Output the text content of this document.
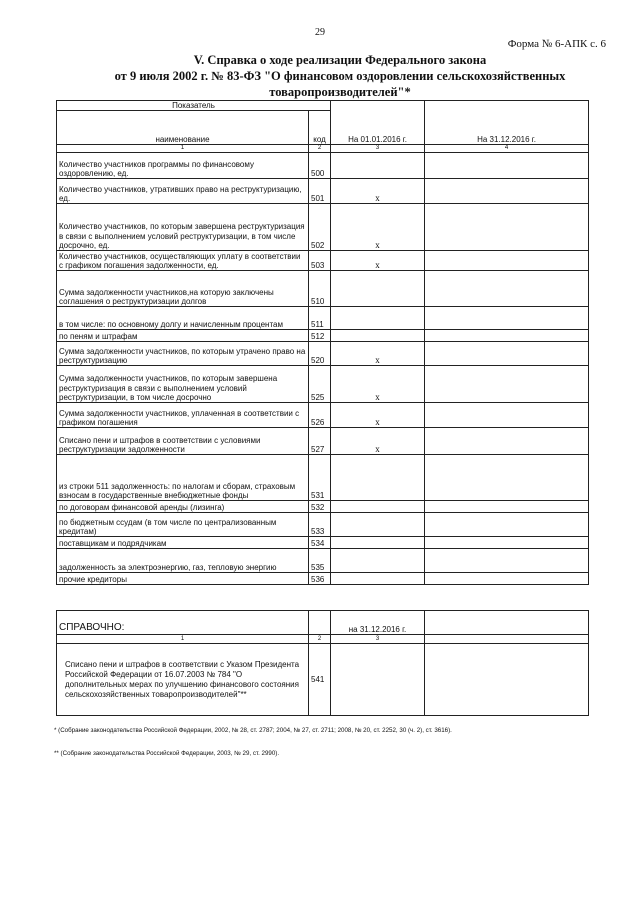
29
Форма № 6-АПК с. 6
V. Справка о ходе реализации Федерального закона
от 9 июля 2002 г. № 83-ФЗ "О финансовом оздоровлении сельскохозяйственных
товаропроизводителей"*
Показатель		На 01.01.2016 г.	На 31.12.2016 г.
наименование	код		
1	2	3	4
Количество участников программы по финансовому оздоровлению, ед.	500		
Количество участников, утративших право на реструктуризацию, ед.	501	x	
Количество участников, по которым завершена реструктуризация в связи с выполнением условий реструктуризации, в том числе досрочно, ед.	502	x	
Количество участников, осуществляющих уплату в соответствии с графиком погашения задолженности, ед.	503	x	
Сумма задолженности участников,на которую заключены соглашения о реструктуризации долгов	510		
в том числе: по основному долгу и начисленным процентам	511		
по пеням и штрафам	512		
Сумма задолженности участников, по которым утрачено право на реструктуризацию	520	x	
Сумма задолженности участников, по которым завершена реструктуризация в связи с выполнением условий реструктуризации, в том числе досрочно	525	x	
Сумма задолженности участников, уплаченная в соответствии с графиком погашения	526	x	
Списано пени и штрафов в соответствии с условиями реструктуризации задолженности	527	x	
из строки 511 задолженность: по налогам и сборам, страховым взносам в государственные внебюджетные фонды	531		
по договорам финансовой аренды (лизинга)	532		
по бюджетным ссудам (в том числе по централизованным кредитам)	533		
поставщикам и подрядчикам	534		
задолженность за электроэнергию, газ, тепловую энергию	535		
прочие кредиторы	536		
СПРАВОЧНО:		на 31.12.2016 г.	
1	2	3	
Списано пени и штрафов в соответствии с Указом Президента Российской Федерации от 16.07.2003 № 784 "О дополнительных мерах по улучшению финансового состояния сельскохозяйственных товаропроизводителей"**	541		
* (Собрание законодательства Российской Федерации, 2002, № 28, ст. 2787; 2004, № 27, ст. 2711; 2008, № 20, ст. 2252, 30 (ч. 2), ст. 3616).
** (Собрание законодательства Российской Федерации, 2003, № 29, ст. 2990).
